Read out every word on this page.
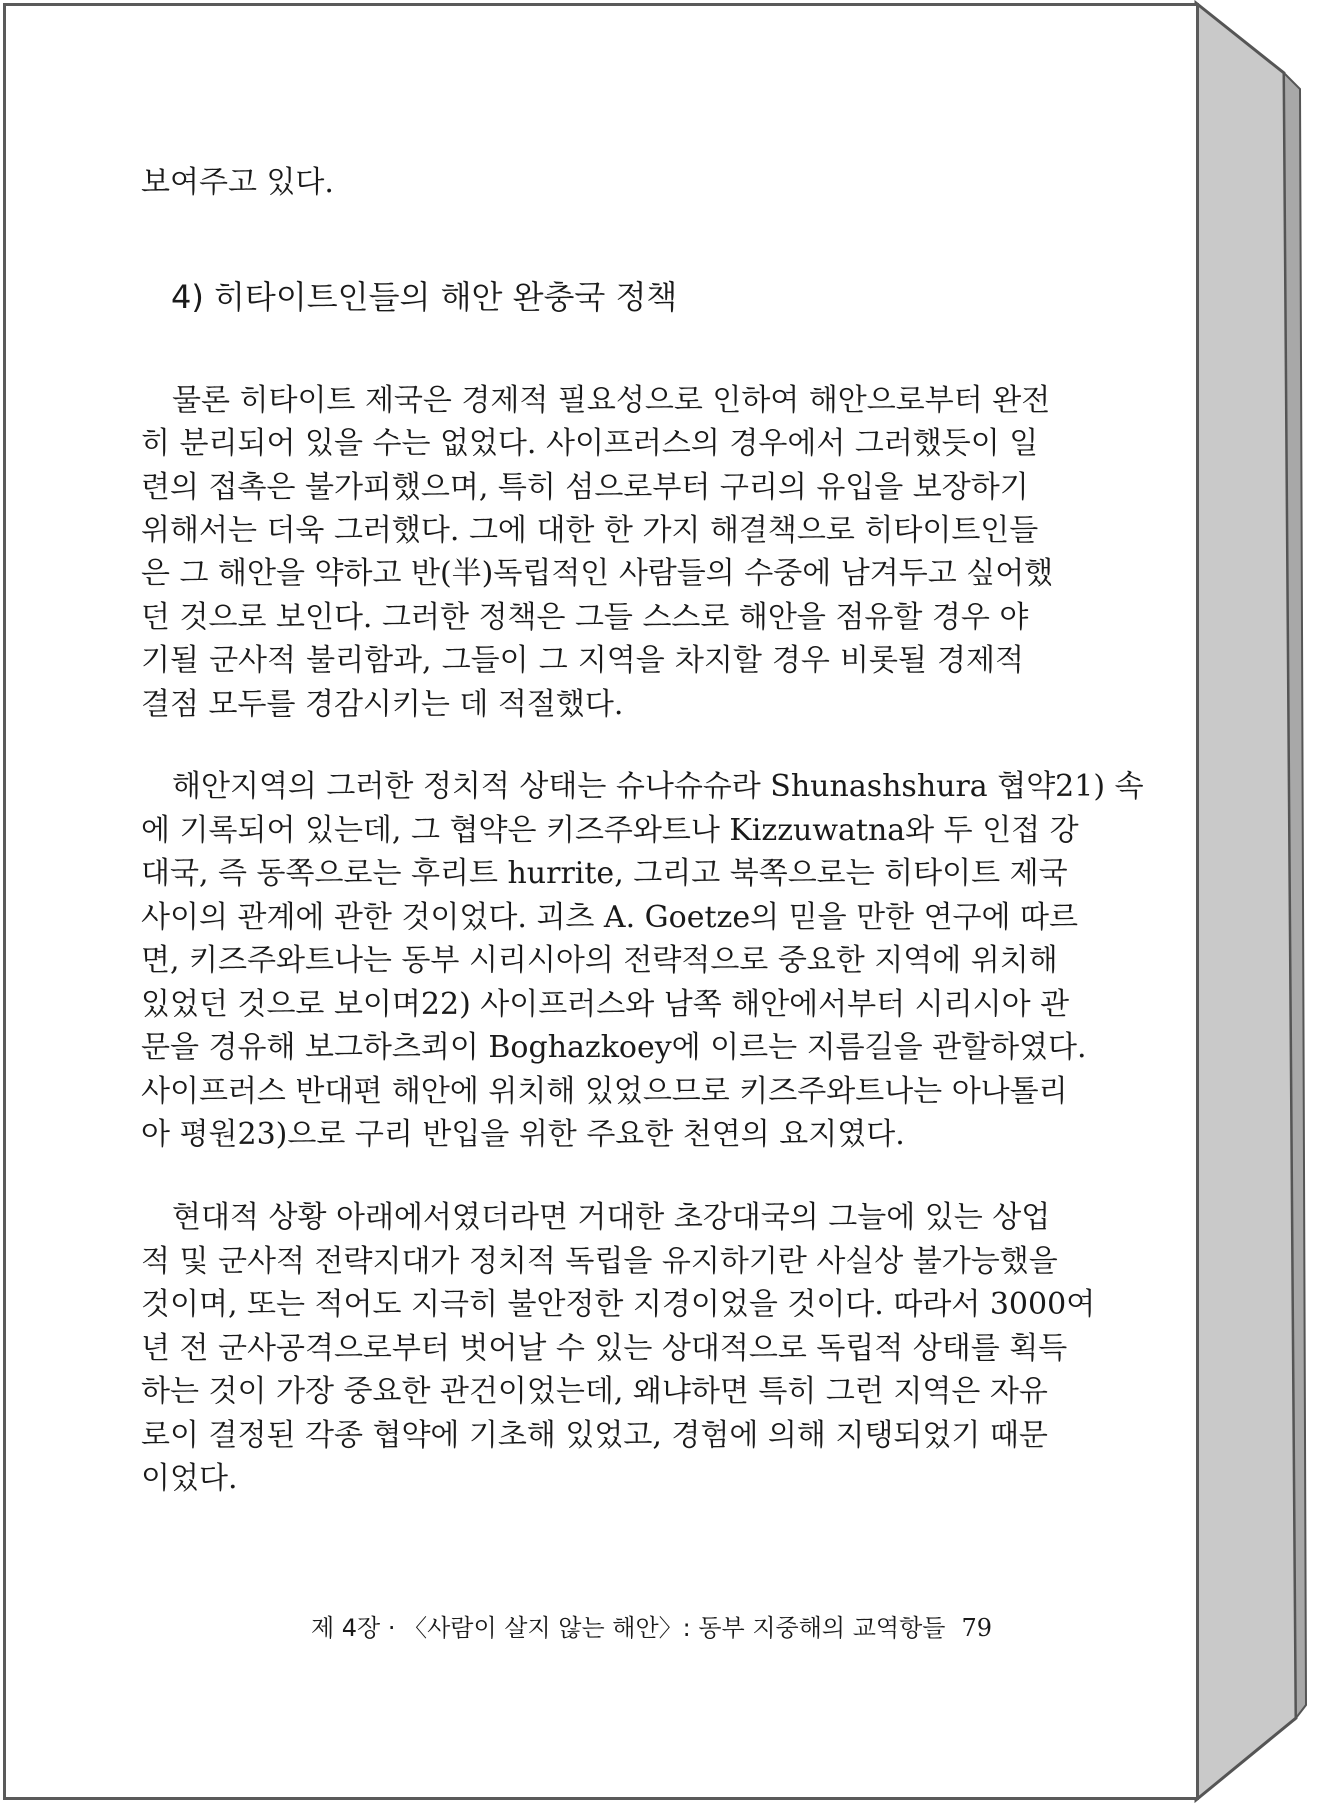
보여주고 있다.
4) 히타이트인들의 해안 완충국 정책
물론 히타이트 제국은 경제적 필요성으로 인하여 해안으로부터 완전
히 분리되어 있을 수는 없었다. 사이프러스의 경우에서 그러했듯이 일
련의 접촉은 불가피했으며, 특히 섬으로부터 구리의 유입을 보장하기
위해서는 더욱 그러했다. 그에 대한 한 가지 해결책으로 히타이트인들
은 그 해안을 약하고 반(半)독립적인 사람들의 수중에 남겨두고 싶어했
던 것으로 보인다. 그러한 정책은 그들 스스로 해안을 점유할 경우 야
기될 군사적 불리함과, 그들이 그 지역을 차지할 경우 비롯될 경제적
결점 모두를 경감시키는 데 적절했다.
해안지역의 그러한 정치적 상태는 슈나슈슈라 Shunashshura 협약21) 속
에 기록되어 있는데, 그 협약은 키즈주와트나 Kizzuwatna와 두 인접 강
대국, 즉 동쪽으로는 후리트 hurrite, 그리고 북쪽으로는 히타이트 제국
사이의 관계에 관한 것이었다. 괴츠 A. Goetze의 믿을 만한 연구에 따르
면, 키즈주와트나는 동부 시리시아의 전략적으로 중요한 지역에 위치해
있었던 것으로 보이며22) 사이프러스와 남쪽 해안에서부터 시리시아 관
문을 경유해 보그하츠쾨이 Boghazkoey에 이르는 지름길을 관할하였다.
사이프러스 반대편 해안에 위치해 있었으므로 키즈주와트나는 아나톨리
아 평원23)으로 구리 반입을 위한 주요한 천연의 요지였다.
현대적 상황 아래에서였더라면 거대한 초강대국의 그늘에 있는 상업
적 및 군사적 전략지대가 정치적 독립을 유지하기란 사실상 불가능했을
것이며, 또는 적어도 지극히 불안정한 지경이었을 것이다. 따라서 3000여
년 전 군사공격으로부터 벗어날 수 있는 상대적으로 독립적 상태를 획득
하는 것이 가장 중요한 관건이었는데, 왜냐하면 특히 그런 지역은 자유
로이 결정된 각종 협약에 기초해 있었고, 경험에 의해 지탱되었기 때문
이었다.
제 4장 · 〈사람이 살지 않는 해안〉: 동부 지중해의 교역항들 79
